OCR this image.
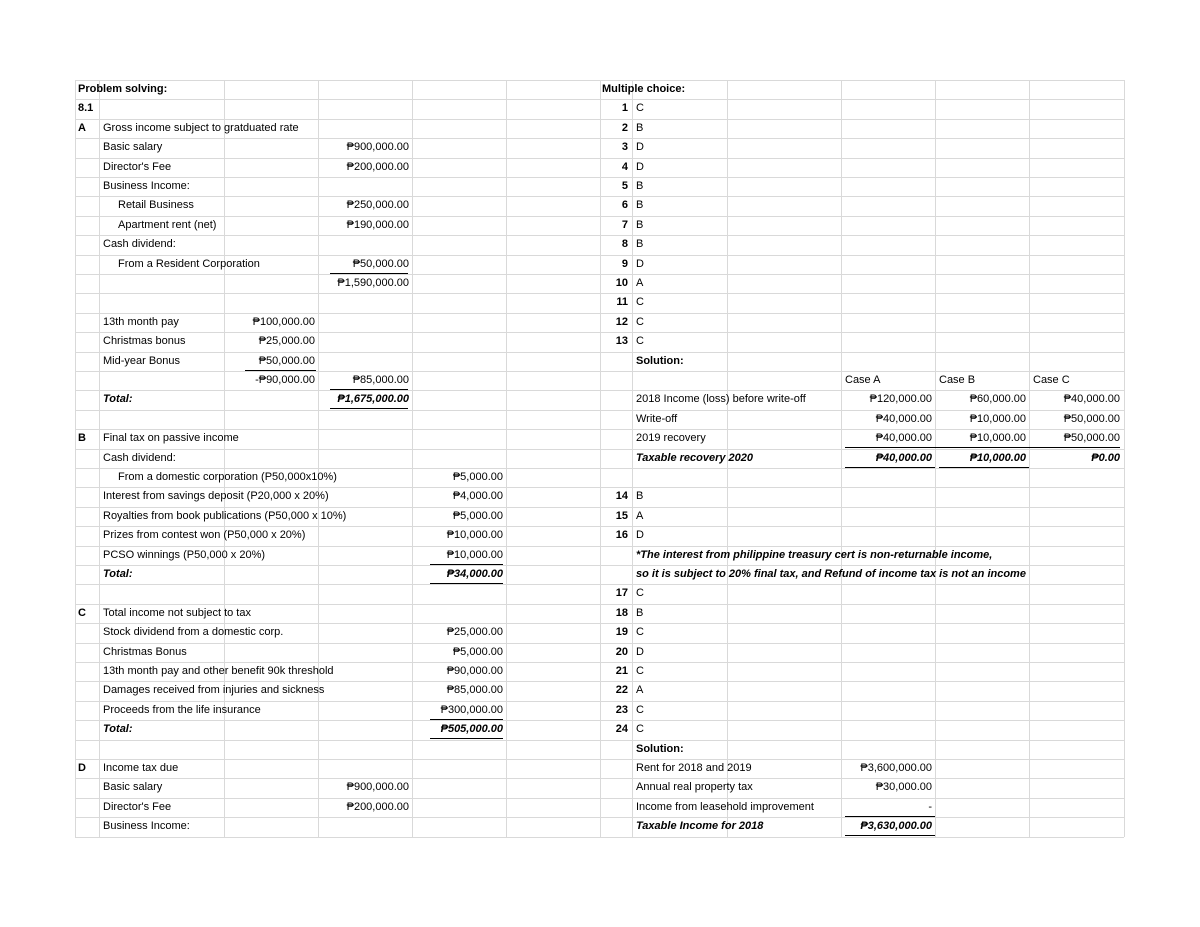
Problem solving:
8.1
A Gross income subject to gratduated rate
Basic salary	₱900,000.00
Director's Fee	₱200,000.00
Business Income:
Retail Business	₱250,000.00
Apartment rent (net)	₱190,000.00
Cash dividend:
From a Resident Corporation	₱50,000.00
₱1,590,000.00
13th month pay	₱100,000.00
Christmas bonus	₱25,000.00
Mid-year Bonus	₱50,000.00
-₱90,000.00	₱85,000.00
Total:	₱1,675,000.00
B Final tax on passive income
Cash dividend:
From a domestic corporation (P50,000x10%)	₱5,000.00
Interest from savings deposit (P20,000 x 20%)	₱4,000.00
Royalties from book publications (P50,000 x 10%)	₱5,000.00
Prizes from contest won (P50,000 x 20%)	₱10,000.00
PCSO winnings (P50,000 x 20%)	₱10,000.00
Total:	₱34,000.00
C Total income not subject to tax
Stock dividend from a domestic corp.	₱25,000.00
Christmas Bonus	₱5,000.00
13th month pay and other benefit 90k threshold	₱90,000.00
Damages received from injuries and sickness	₱85,000.00
Proceeds from the life insurance	₱300,000.00
Total:	₱505,000.00
D Income tax due
Basic salary	₱900,000.00
Director's Fee	₱200,000.00
Business Income:
Multiple choice:
1 C
2 B
3 D
4 D
5 B
6 B
7 B
8 B
9 D
10 A
11 C
12 C
13 C
Solution:
Case A	Case B	Case C
2018 Income (loss) before write-off	₱120,000.00	₱60,000.00	₱40,000.00
Write-off	₱40,000.00	₱10,000.00	₱50,000.00
2019 recovery	₱40,000.00	₱10,000.00	₱50,000.00
Taxable recovery 2020	₱40,000.00	₱10,000.00	₱0.00
14 B
15 A
16 D
*The interest from philippine treasury cert is non-returnable income,
so it is subject to 20% final tax, and Refund of income tax is not an income
17 C
18 B
19 C
20 D
21 C
22 A
23 C
24 C
Solution:
Rent for 2018 and 2019	₱3,600,000.00
Annual real property tax	₱30,000.00
Income from leasehold improvement	-
Taxable Income for 2018	₱3,630,000.00
